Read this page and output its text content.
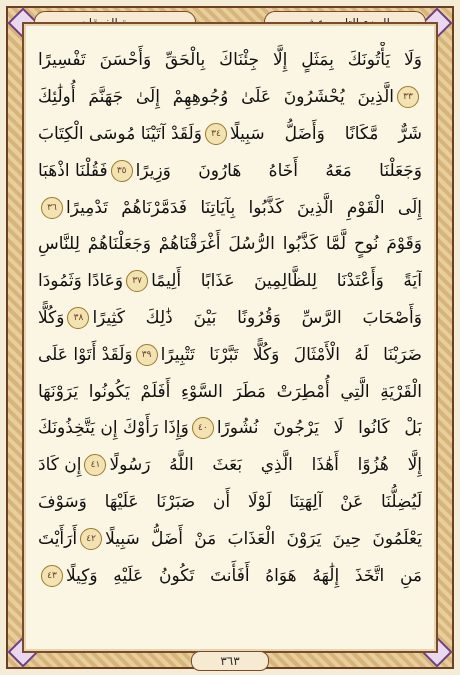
وَلَا يَأْتُونَكَ بِمَثَلٍ إِلَّا جِئْنَاكَ بِالْحَقِّ وَأَحْسَنَ تَفْسِيرًا
٣٣
الَّذِينَ يُحْشَرُونَ عَلَىٰ وُجُوهِهِمْ إِلَىٰ جَهَنَّمَ أُولَٰئِكَ
شَرٌّ مَّكَانًا وَأَضَلُّ سَبِيلًا
٣٤
وَلَقَدْ آتَيْنَا مُوسَى الْكِتَابَ
وَجَعَلْنَا مَعَهُ أَخَاهُ هَارُونَ وَزِيرًا
٣٥
فَقُلْنَا اذْهَبَا
إِلَى الْقَوْمِ الَّذِينَ كَذَّبُوا بِآيَاتِنَا فَدَمَّرْنَاهُمْ تَدْمِيرًا
٣٦
وَقَوْمَ نُوحٍ لَّمَّا كَذَّبُوا الرُّسُلَ أَغْرَقْنَاهُمْ وَجَعَلْنَاهُمْ لِلنَّاسِ
آيَةً وَأَعْتَدْنَا لِلظَّالِمِينَ عَذَابًا أَلِيمًا
٣٧
وَعَادًا وَثَمُودَا
وَأَصْحَابَ الرَّسِّ وَقُرُونًا بَيْنَ ذَٰلِكَ كَثِيرًا
٣٨
وَكُلًّا
ضَرَبْنَا لَهُ الْأَمْثَالَ وَكُلًّا تَبَّرْنَا تَتْبِيرًا
٣٩
وَلَقَدْ أَتَوْا عَلَى
الْقَرْيَةِ الَّتِي أُمْطِرَتْ مَطَرَ السَّوْءِ أَفَلَمْ يَكُونُوا يَرَوْنَهَا
بَلْ كَانُوا لَا يَرْجُونَ نُشُورًا
٤٠
وَإِذَا رَأَوْكَ إِن يَتَّخِذُونَكَ
إِلَّا هُزُوًا أَهَٰذَا الَّذِي بَعَثَ اللَّهُ رَسُولًا
٤١
إِن كَادَ
لَيُضِلُّنَا عَنْ آلِهَتِنَا لَوْلَا أَن صَبَرْنَا عَلَيْهَا وَسَوْفَ
يَعْلَمُونَ حِينَ يَرَوْنَ الْعَذَابَ مَنْ أَضَلُّ سَبِيلًا
٤٢
أَرَأَيْتَ
مَنِ اتَّخَذَ إِلَٰهَهُ هَوَاهُ أَفَأَنتَ تَكُونُ عَلَيْهِ وَكِيلًا
٤٣
٣٦٣
